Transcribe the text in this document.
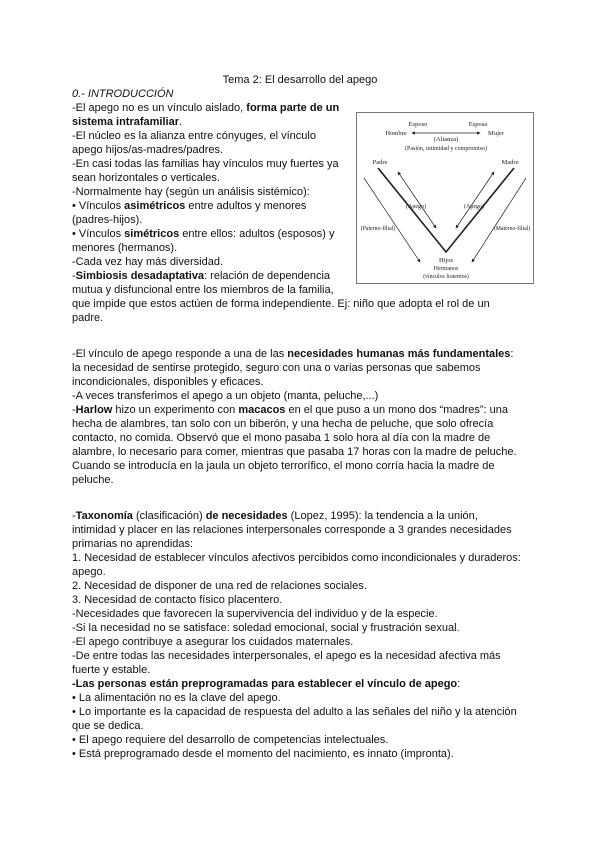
Tema 2: El desarrollo del apego
0.- INTRODUCCIÓN
Esposo	Esposa
Hombre	Mujer
(Alianza)
(Pasión, intimidad y compromiso)
Padre	Madre
(Apego)	(Apego)
(Paterno-filial)	(Materno-filial)
Hijos
Hermanos
(vínculos fraternos)
-El apego no es un vínculo aislado, forma parte de un
sistema intrafamiliar.
-El núcleo es la alianza entre cónyuges, el vínculo
apego hijos/as-madres/padres.
-En casi todas las familias hay vínculos muy fuertes ya
sean horizontales o verticales.
-Normalmente hay (según un análisis sistémico):
• Vínculos asimétricos entre adultos y menores
(padres-hijos).
• Vínculos simétricos entre ellos: adultos (esposos) y
menores (hermanos).
-Cada vez hay más diversidad.
-Simbiosis desadaptativa: relación de dependencia
mutua y disfuncional entre los miembros de la familia,
que impide que estos actúen de forma independiente. Ej: niño que adopta el rol de un
padre.
-El vínculo de apego responde a una de las necesidades humanas más fundamentales:
la necesidad de sentirse protegido, seguro con una o varias personas que sabemos
incondicionales, disponibles y eficaces.
-A veces transferimos el apego a un objeto (manta, peluche,...)
-Harlow hizo un experimento con macacos en el que puso a un mono dos “madres”: una
hecha de alambres, tan solo con un biberón, y una hecha de peluche, que solo ofrecía
contacto, no comida. Observó que el mono pasaba 1 solo hora al día con la madre de
alambre, lo necesario para comer, mientras que pasaba 17 horas con la madre de peluche.
Cuando se introducía en la jaula un objeto terrorífico, el mono corría hacia la madre de
peluche.
-Taxonomía (clasificación) de necesidades (Lopez, 1995): la tendencia a la unión,
intimidad y placer en las relaciones interpersonales corresponde a 3 grandes necesidades
primarias no aprendidas:
1. Necesidad de establecer vínculos afectivos percibidos como incondicionales y duraderos:
apego.
2. Necesidad de disponer de una red de relaciones sociales.
3. Necesidad de contacto físico placentero.
-Necesidades que favorecen la supervivencia del individuo y de la especie.
-Si la necesidad no se satisface: soledad emocional, social y frustración sexual.
-El apego contribuye a asegurar los cuidados maternales.
-De entre todas las necesidades interpersonales, el apego es la necesidad afectiva más
fuerte y estable.
-Las personas están preprogramadas para establecer el vínculo de apego:
• La alimentación no es la clave del apego.
• Lo importante es la capacidad de respuesta del adulto a las señales del niño y la atención
que se dedica.
• El apego requiere del desarrollo de competencias intelectuales.
• Está preprogramado desde el momento del nacimiento, es innato (impronta).
